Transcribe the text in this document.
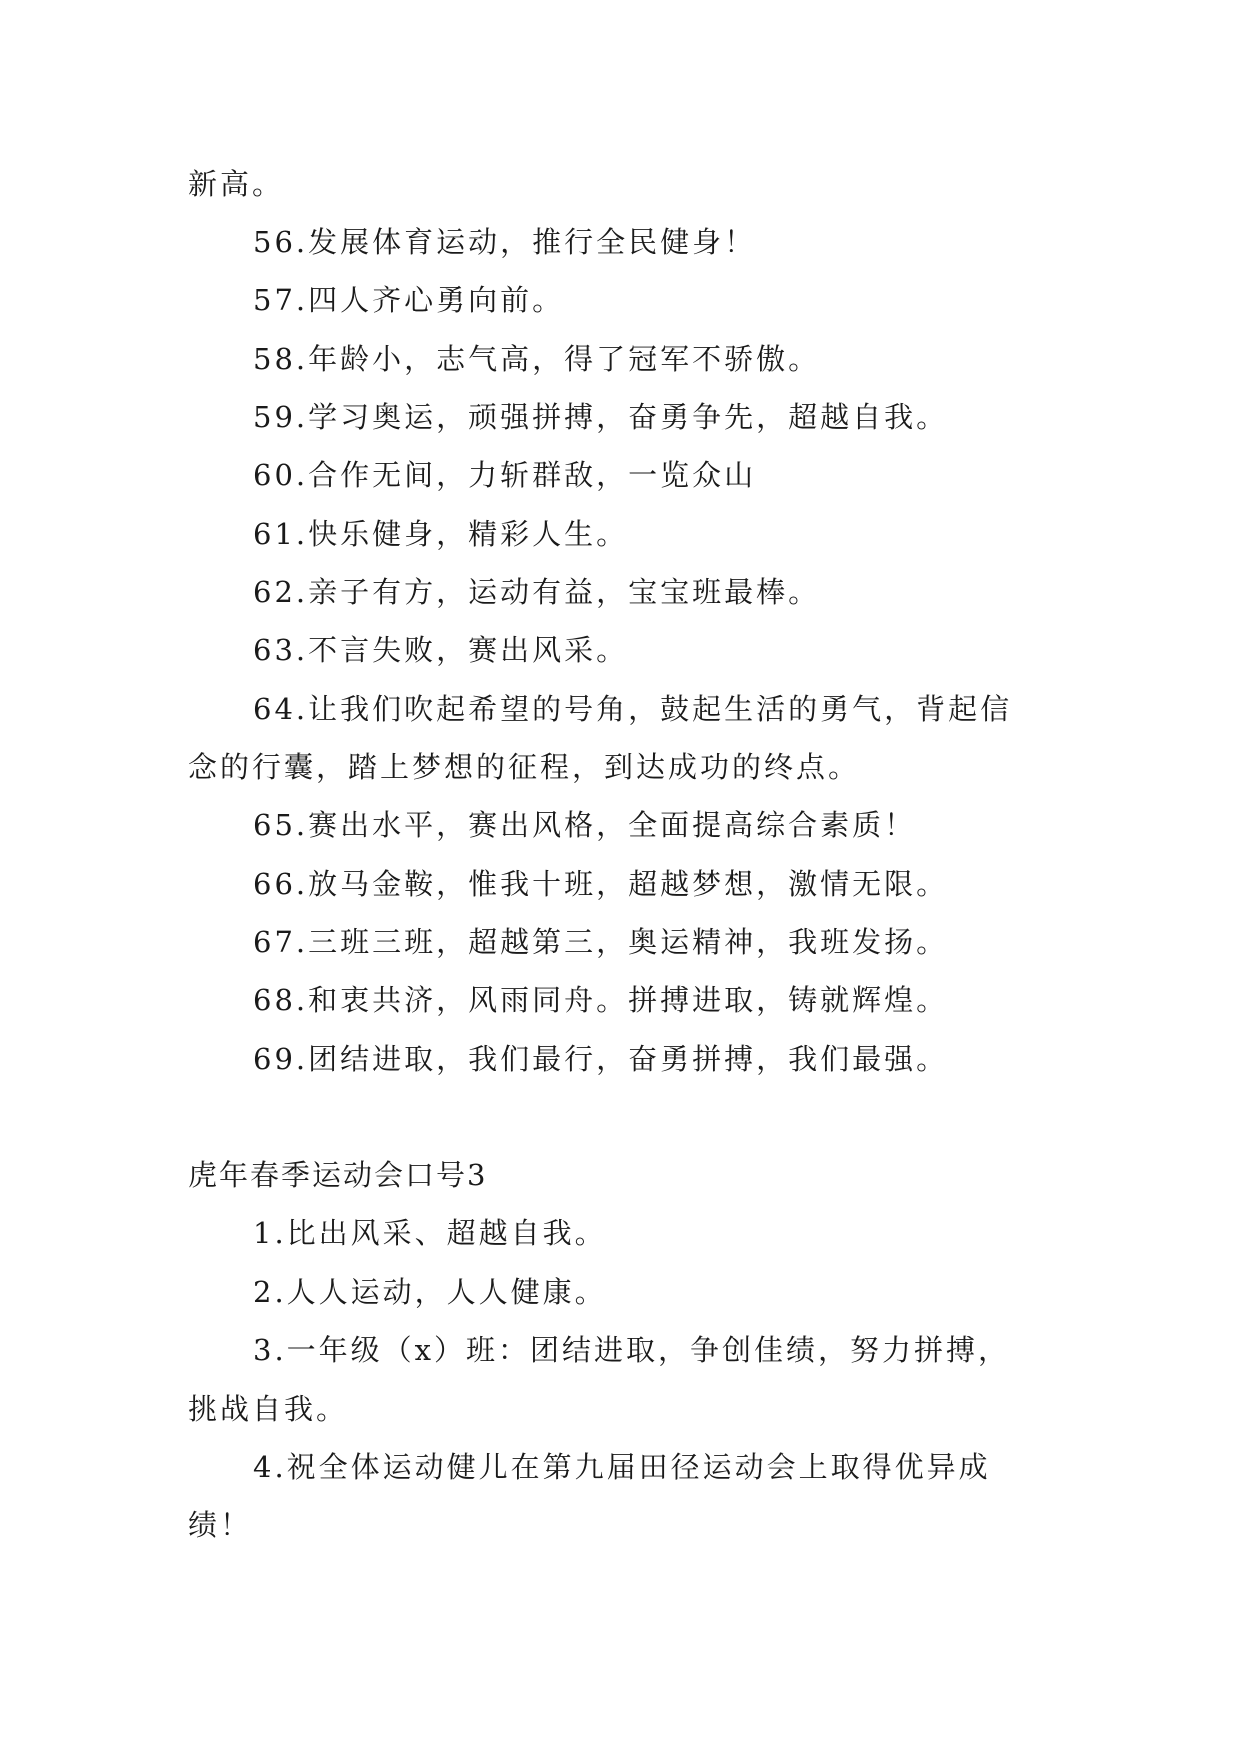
新高。

56.发展体育运动，推行全民健身！

57.四人齐心勇向前。

58.年龄小，志气高，得了冠军不骄傲。

59.学习奥运，顽强拼搏，奋勇争先，超越自我。

60.合作无间，力斩群敌，一览众山

61.快乐健身，精彩人生。

62.亲子有方，运动有益，宝宝班最棒。

63.不言失败，赛出风采。

64.让我们吹起希望的号角，鼓起生活的勇气，背起信

念的行囊，踏上梦想的征程，到达成功的终点。

65.赛出水平，赛出风格，全面提高综合素质！

66.放马金鞍，惟我十班，超越梦想，激情无限。

67.三班三班，超越第三，奥运精神，我班发扬。

68.和衷共济，风雨同舟。拼搏进取，铸就辉煌。

69.团结进取，我们最行，奋勇拼搏，我们最强。

虎年春季运动会口号3

1.比出风采、超越自我。

2.人人运动，人人健康。

3.一年级（x）班：团结进取，争创佳绩，努力拼搏，

挑战自我。

4.祝全体运动健儿在第九届田径运动会上取得优异成

绩！
